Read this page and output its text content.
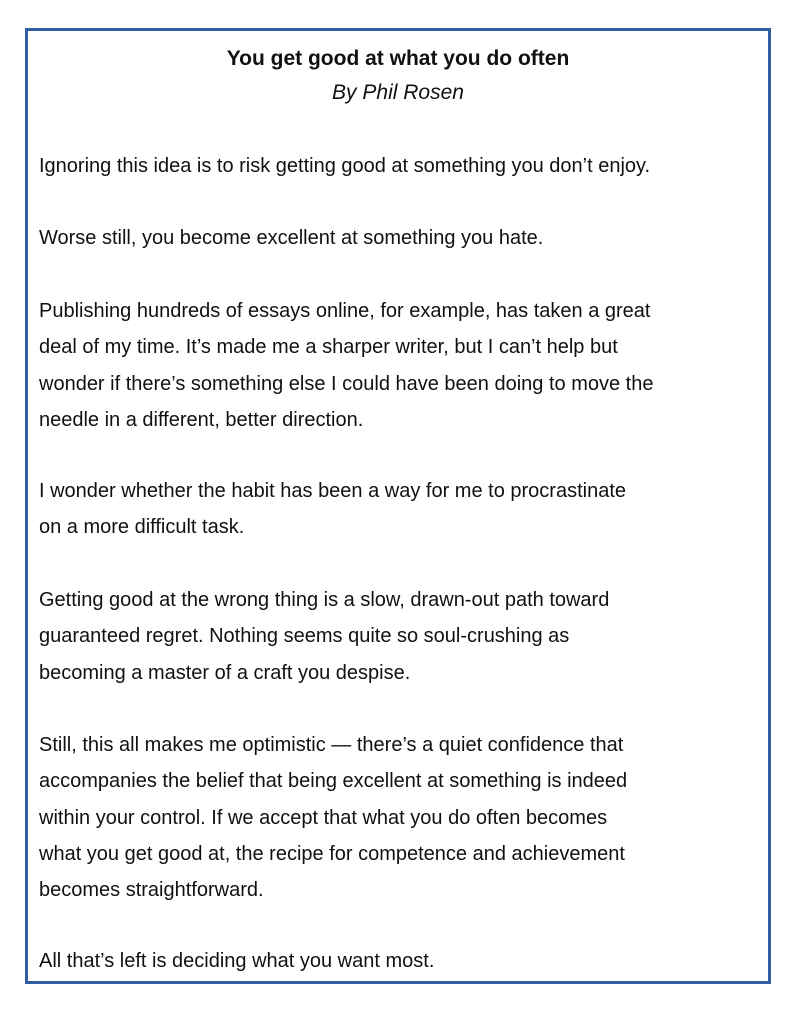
You get good at what you do often
By Phil Rosen

Ignoring this idea is to risk getting good at something you don’t enjoy.

Worse still, you become excellent at something you hate.

Publishing hundreds of essays online, for example, has taken a great
deal of my time. It’s made me a sharper writer, but I can’t help but
wonder if there’s something else I could have been doing to move the
needle in a different, better direction.

I wonder whether the habit has been a way for me to procrastinate
on a more difficult task.

Getting good at the wrong thing is a slow, drawn-out path toward
guaranteed regret. Nothing seems quite so soul-crushing as
becoming a master of a craft you despise.

Still, this all makes me optimistic — there’s a quiet confidence that
accompanies the belief that being excellent at something is indeed
within your control. If we accept that what you do often becomes
what you get good at, the recipe for competence and achievement
becomes straightforward.

All that’s left is deciding what you want most.
